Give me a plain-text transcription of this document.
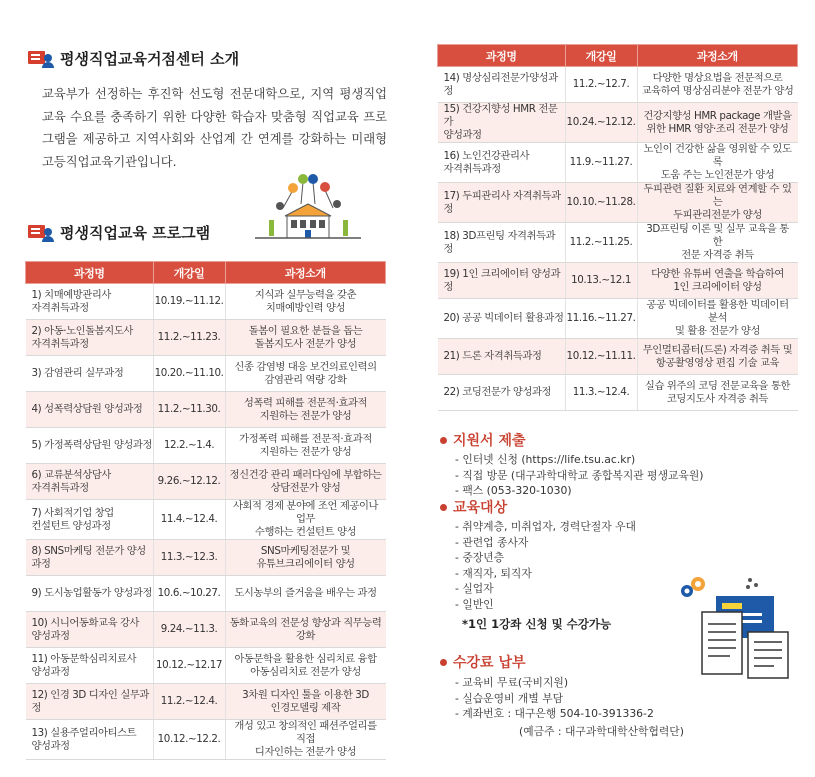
평생직업교육거점센터 소개

교육부가 선정하는 후진학 선도형 전문대학으로, 지역 평생직업교육 수요를 충족하기 위한 다양한 학습자 맞춤형 직업교육 프로그램을 제공하고 지역사회와 산업계 간 연계를 강화하는 미래형 고등직업교육기관입니다.

평생직업교육 프로그램
과정명	개강일	과정소개
1) 치매예방관리사
자격취득과정	10.19.~11.12.	지식과 실무능력을 갖춘
치매예방인력 양성
2) 아동·노인돌봄지도사
자격취득과정	11.2.~11.23.	돌봄이 필요한 분들을 돕는
돌봄지도사 전문가 양성
3) 감염관리 실무과정	10.20.~11.10.	신종 감염병 대응 보건의료인력의
감염관리 역량 강화
4) 성폭력상담원 양성과정	11.2.~11.30.	성폭력 피해를 전문적·효과적
지원하는 전문가 양성
5) 가정폭력상담원 양성과정	12.2.~1.4.	가정폭력 피해를 전문적·효과적
지원하는 전문가 양성
6) 교류분석상담사
자격취득과정	9.26.~12.12.	정신건강 관리 패러다임에 부합하는
상담전문가 양성
7) 사회적기업 창업
컨설턴트 양성과정	11.4.~12.4.	사회적 경제 분야에 조언 제공이나 업무
수행하는 컨설턴트 양성
8) SNS마케팅 전문가 양성과정	11.3.~12.3.	SNS마케팅전문가 및
유튜브크리에이터 양성
9) 도시농업활동가 양성과정	10.6.~10.27.	도시농부의 즐거움을 배우는 과정
10) 시니어동화교육 강사
양성과정	9.24.~11.3.	동화교육의 전문성 향상과 직무능력강화
11) 아동문학심리치료사
양성과정	10.12.~12.17	아동문학을 활용한 심리치료 융합
아동심리치료 전문가 양성
12) 인경 3D 디자인 실무과정	11.2.~12.4.	3차원 디자인 툴을 이용한 3D
인경모델링 제작
13) 실용주얼리아티스트
양성과정	10.12.~12.2.	개성 있고 창의적인 패션주얼리를 직접
디자인하는 전문가 양성
과정명	개강일	과정소개
14) 명상심리전문가양성과정	11.2.~12.7.	다양한 명상요법을 전문적으로
교육하여 명상심리분야 전문가 양성
15) 건강지향성 HMR 전문가
양성과정	10.24.~12.12.	건강지향성 HMR package 개발을
위한 HMR 영양·조리 전문가 양성
16) 노인건강관리사
자격취득과정	11.9.~11.27.	노인이 건강한 삶을 영위할 수 있도록
도움 주는 노인전문가 양성
17) 두피관리사 자격취득과정	10.10.~11.28.	두피관련 질환 치료와 연계할 수 있는
두피관리전문가 양성
18) 3D프린팅 자격취득과정	11.2.~11.25.	3D프린팅 이론 및 실무 교육을 통한
전문 자격증 취득
19) 1인 크리에이터 양성과정	10.13.~12.1	다양한 유튜버 연출을 학습하여
1인 크리에이터 양성
20) 공공 빅데이터 활용과정	11.16.~11.27.	공공 빅데이터를 활용한 빅데이터 분석
및 활용 전문가 양성
21) 드론 자격취득과정	10.12.~11.11.	무인멀티콥터(드론) 자격증 취득 및
항공촬영영상 편집 기술 교육
22) 코딩전문가 양성과정	11.3.~12.4.	실습 위주의 코딩 전문교육을 통한
코딩지도사 자격증 취득
지원서 제출
- 인터넷 신청 (https://life.tsu.ac.kr)
- 직접 방문 (대구과학대학교 종합복지관 평생교육원)
- 팩스 (053-320-1030)
교육대상
- 취약계층, 미취업자, 경력단절자 우대
- 관련업 종사자
- 중장년층
- 재직자, 퇴직자
- 실업자
- 일반인
*1인 1강좌 신청 및 수강가능
수강료 납부
- 교육비 무료(국비지원)
- 실습운영비 개별 부담
- 계좌번호 : 대구은행 504-10-391336-2
(예금주 : 대구과학대학산학협력단)
